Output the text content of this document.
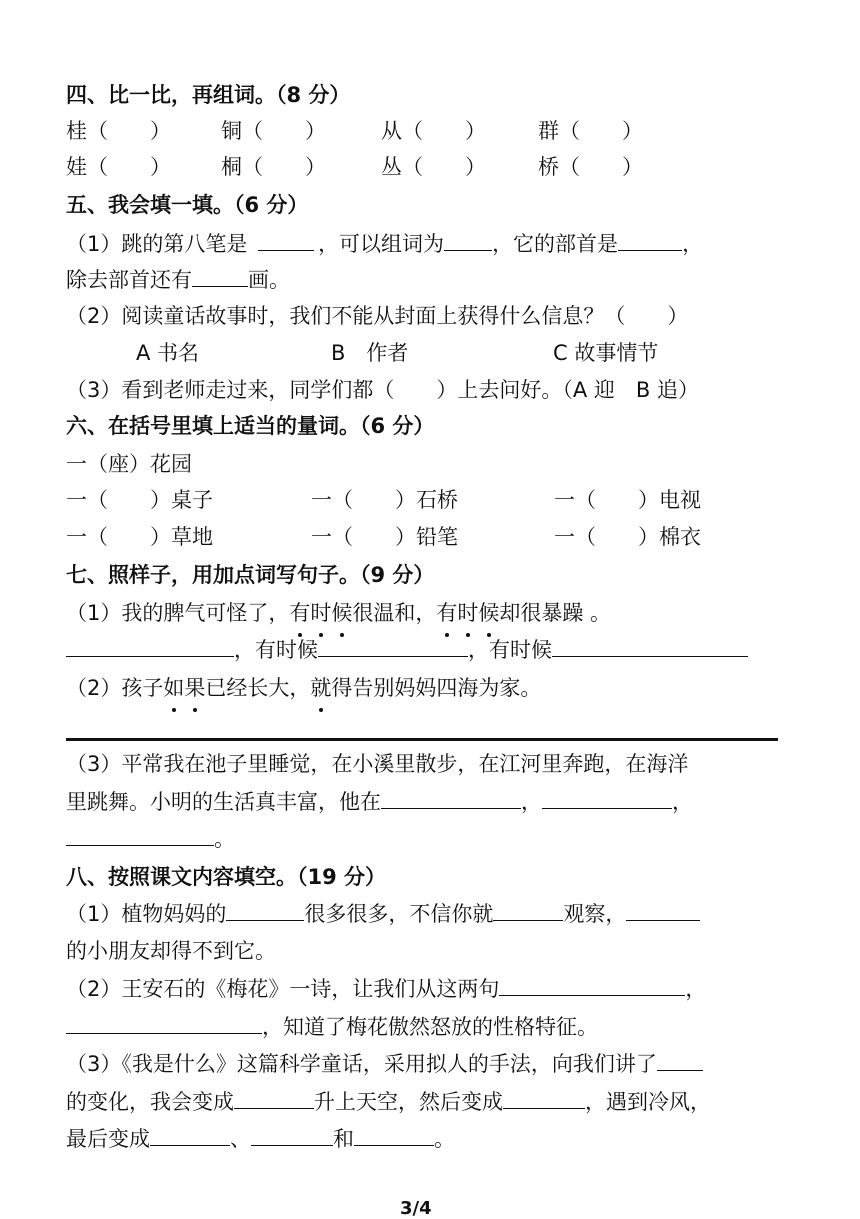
四、比一比，再组词。（8 分）
桂（　　） 铜（　　）	从（　　） 群（　　）
娃（　　） 桐（　　）	丛（　　） 桥（　　）
五、我会填一填。（6 分）
（1）跳的第八笔是	，可以组词为 ，它的部首是	，
除去部首还有	画。
（2）阅读童话故事时，我们不能从封面上获得什么信息？（　　）
A 书名	B　作者	C 故事情节
（3）看到老师走过来，同学们都（　　）上去问好。（A 迎　B 追）
六、在括号里填上适当的量词。（6 分）
一（座）花园
一（　　）桌子	一（　　）石桥	一（　　）电视
一（　　）草地	一（　　）铅笔	一（　　）棉衣
七、照样子，用加点词写句子。（9 分）
（1）我的脾气可怪了，有时候很温和，有时候却很暴躁 。
，有时候	，有时候
（2）孩子如果已经长大，就得告别妈妈四海为家。
（3）平常我在池子里睡觉，在小溪里散步，在江河里奔跑，在海洋
里跳舞。小明的生活真丰富，他在	，	，
。
八、按照课文内容填空。（19 分）
（1）植物妈妈的	很多很多，不信你就	观察，
的小朋友却得不到它。
（2）王安石的《梅花》一诗，让我们从这两句	，
，知道了梅花傲然怒放的性格特征。
（3）《我是什么》这篇科学童话，采用拟人的手法，向我们讲了
的变化，我会变成	升上天空，然后变成	，遇到冷风，
最后变成	、	和	。
3/4
